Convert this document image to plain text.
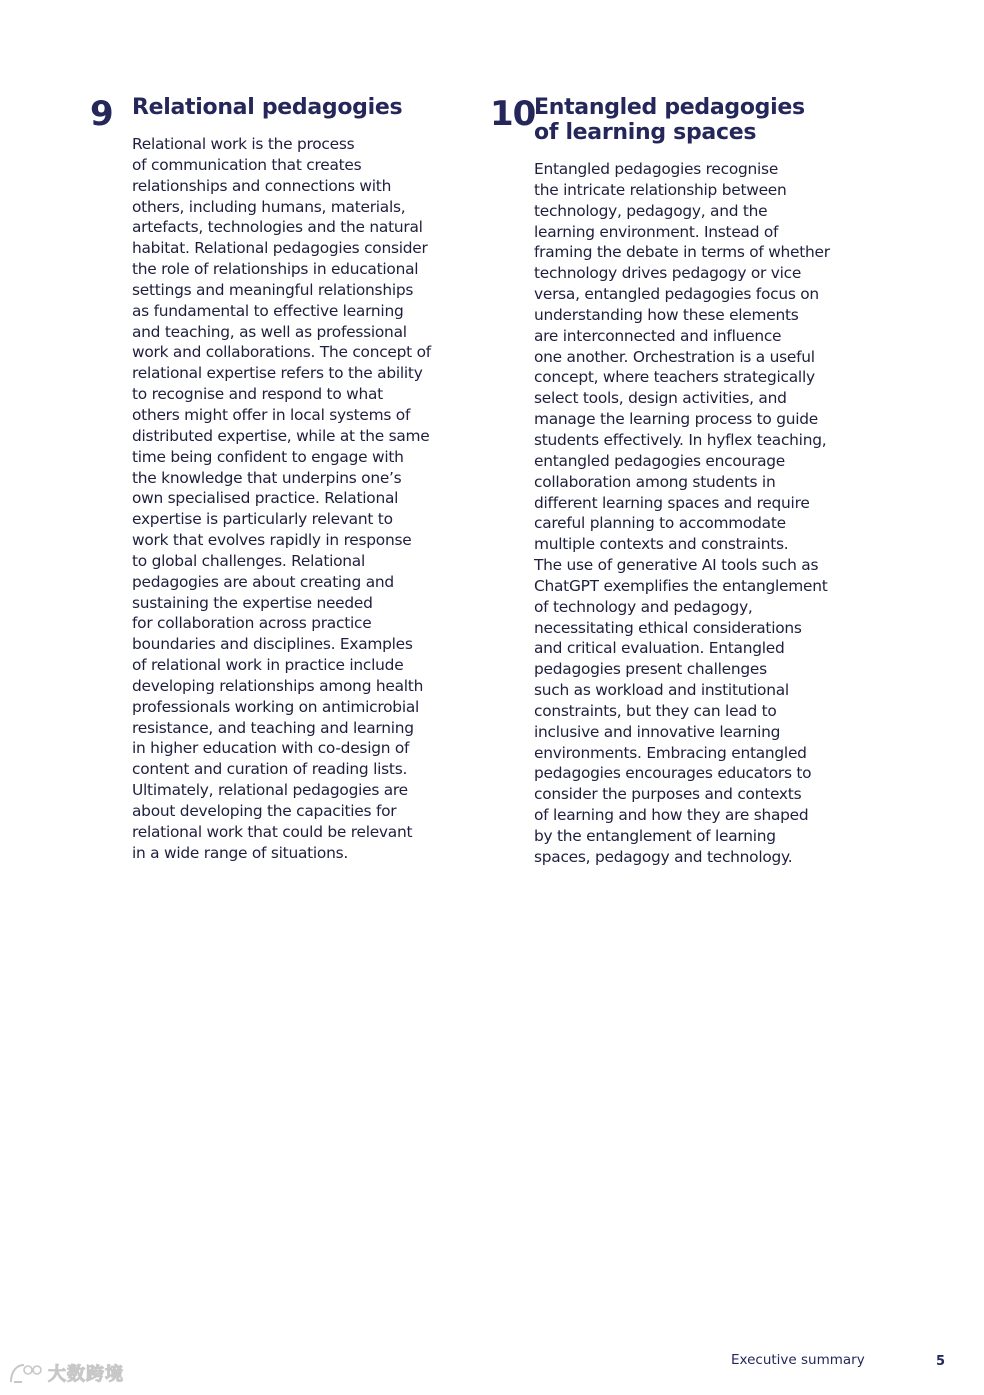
9 Relational pedagogies
Relational work is the process
of communication that creates
relationships and connections with
others, including humans, materials,
artefacts, technologies and the natural
habitat. Relational pedagogies consider
the role of relationships in educational
settings and meaningful relationships
as fundamental to effective learning
and teaching, as well as professional
work and collaborations. The concept of
relational expertise refers to the ability
to recognise and respond to what
others might offer in local systems of
distributed expertise, while at the same
time being confident to engage with
the knowledge that underpins one’s
own specialised practice. Relational
expertise is particularly relevant to
work that evolves rapidly in response
to global challenges. Relational
pedagogies are about creating and
sustaining the expertise needed
for collaboration across practice
boundaries and disciplines. Examples
of relational work in practice include
developing relationships among health
professionals working on antimicrobial
resistance, and teaching and learning
in higher education with co-design of
content and curation of reading lists.
Ultimately, relational pedagogies are
about developing the capacities for
relational work that could be relevant
in a wide range of situations.
10
Entangled pedagogies
of learning spaces
Entangled pedagogies recognise
the intricate relationship between
technology, pedagogy, and the
learning environment. Instead of
framing the debate in terms of whether
technology drives pedagogy or vice
versa, entangled pedagogies focus on
understanding how these elements
are interconnected and influence
one another. Orchestration is a useful
concept, where teachers strategically
select tools, design activities, and
manage the learning process to guide
students effectively. In hyflex teaching,
entangled pedagogies encourage
collaboration among students in
different learning spaces and require
careful planning to accommodate
multiple contexts and constraints.
The use of generative AI tools such as
ChatGPT exemplifies the entanglement
of technology and pedagogy,
necessitating ethical considerations
and critical evaluation. Entangled
pedagogies present challenges
such as workload and institutional
constraints, but they can lead to
inclusive and innovative learning
environments. Embracing entangled
pedagogies encourages educators to
consider the purposes and contexts
of learning and how they are shaped
by the entanglement of learning
spaces, pedagogy and technology.
Executive summary	5
大数跨境
